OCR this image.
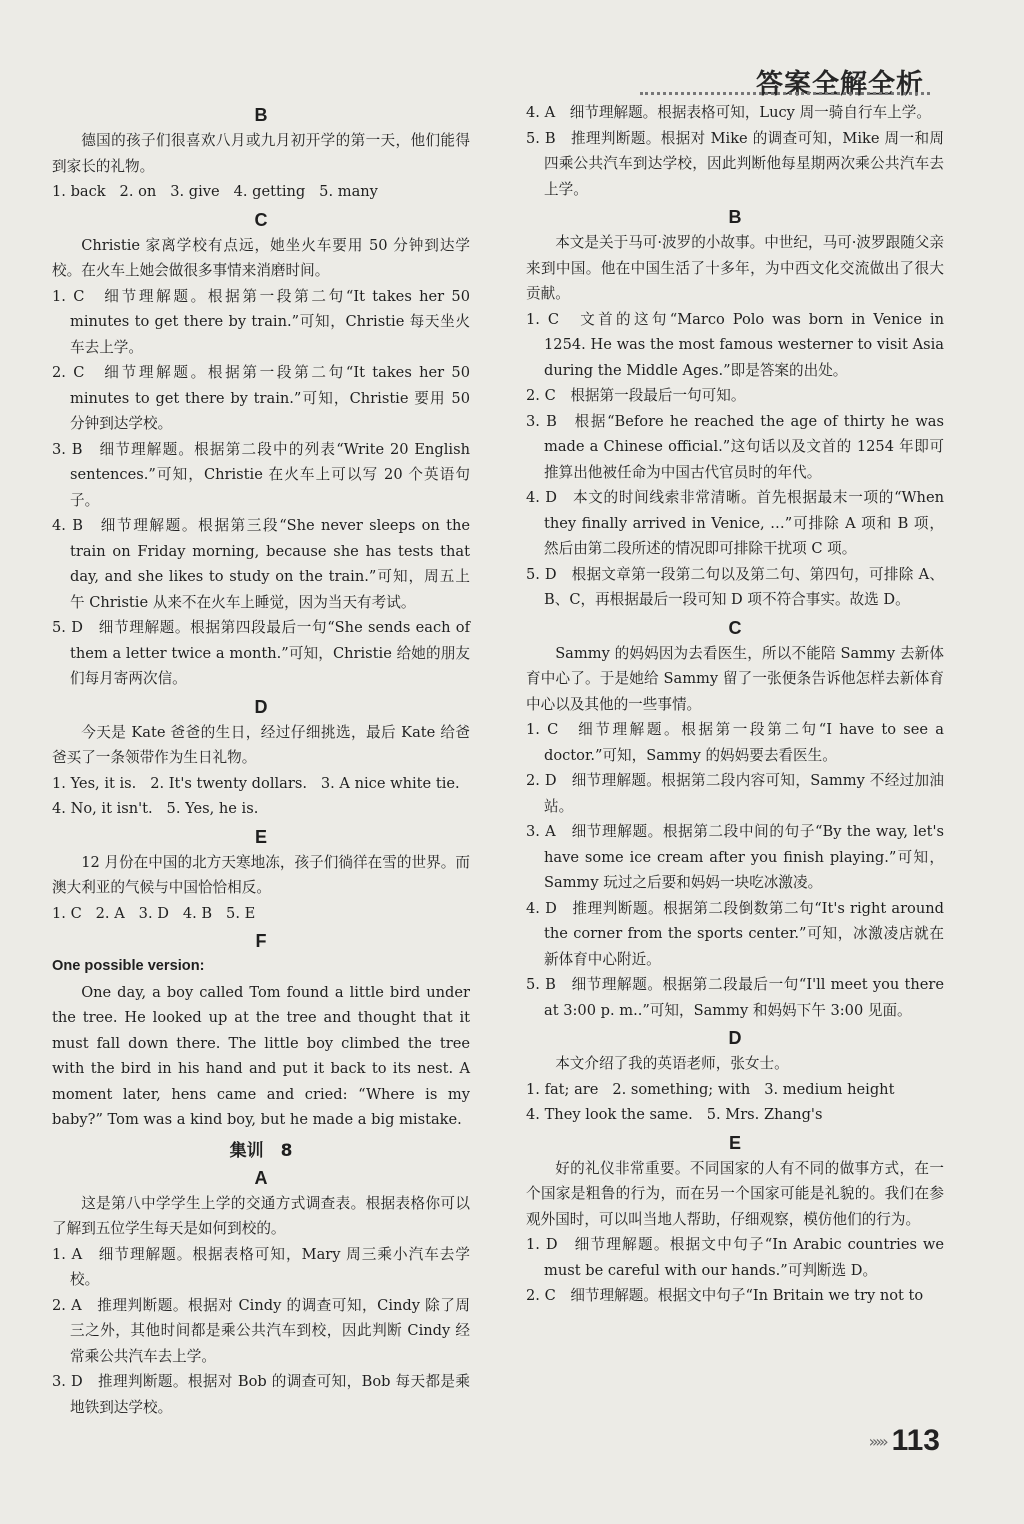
答案全解全析
B
德国的孩子们很喜欢八月或九月初开学的第一天，他们能得到家长的礼物。
1. back   2. on   3. give   4. getting   5. many
C
Christie 家离学校有点远，她坐火车要用 50 分钟到达学校。在火车上她会做很多事情来消磨时间。
1. C　细节理解题。根据第一段第二句“It takes her 50 minutes to get there by train.”可知，Christie 每天坐火车去上学。
2. C　细节理解题。根据第一段第二句“It takes her 50 minutes to get there by train.”可知，Christie 要用 50 分钟到达学校。
3. B　细节理解题。根据第二段中的列表“Write 20 English sentences.”可知，Christie 在火车上可以写 20 个英语句子。
4. B　细节理解题。根据第三段“She never sleeps on the train on Friday morning, because she has tests that day, and she likes to study on the train.”可知，周五上午 Christie 从来不在火车上睡觉，因为当天有考试。
5. D　细节理解题。根据第四段最后一句“She sends each of them a letter twice a month.”可知，Christie 给她的朋友们每月寄两次信。
D
今天是 Kate 爸爸的生日，经过仔细挑选，最后 Kate 给爸爸买了一条领带作为生日礼物。
1. Yes, it is.   2. It's twenty dollars.   3. A nice white tie.
4. No, it isn't.   5. Yes, he is.
E
12 月份在中国的北方天寒地冻，孩子们徜徉在雪的世界。而澳大利亚的气候与中国恰恰相反。
1. C   2. A   3. D   4. B   5. E
F
One possible version:
One day, a boy called Tom found a little bird under the tree. He looked up at the tree and thought that it must fall down there. The little boy climbed the tree with the bird in his hand and put it back to its nest. A moment later, hens came and cried: “Where is my baby?” Tom was a kind boy, but he made a big mistake.
集训　8
A
这是第八中学学生上学的交通方式调查表。根据表格你可以了解到五位学生每天是如何到校的。
1. A　细节理解题。根据表格可知，Mary 周三乘小汽车去学校。
2. A　推理判断题。根据对 Cindy 的调查可知，Cindy 除了周三之外，其他时间都是乘公共汽车到校，因此判断 Cindy 经常乘公共汽车去上学。
3. D　推理判断题。根据对 Bob 的调查可知，Bob 每天都是乘地铁到达学校。
4. A　细节理解题。根据表格可知，Lucy 周一骑自行车上学。
5. B　推理判断题。根据对 Mike 的调查可知，Mike 周一和周四乘公共汽车到达学校，因此判断他每星期两次乘公共汽车去上学。
B
本文是关于马可·波罗的小故事。中世纪，马可·波罗跟随父亲来到中国。他在中国生活了十多年，为中西文化交流做出了很大贡献。
1. C　文首的这句“Marco Polo was born in Venice in 1254. He was the most famous westerner to visit Asia during the Middle Ages.”即是答案的出处。
2. C　根据第一段最后一句可知。
3. B　根据“Before he reached the age of thirty he was made a Chinese official.”这句话以及文首的 1254 年即可推算出他被任命为中国古代官员时的年代。
4. D　本文的时间线索非常清晰。首先根据最末一项的“When they finally arrived in Venice, …”可排除 A 项和 B 项，然后由第二段所述的情况即可排除干扰项 C 项。
5. D　根据文章第一段第二句以及第二句、第四句，可排除 A、B、C，再根据最后一段可知 D 项不符合事实。故选 D。
C
Sammy 的妈妈因为去看医生，所以不能陪 Sammy 去新体育中心了。于是她给 Sammy 留了一张便条告诉他怎样去新体育中心以及其他的一些事情。
1. C　细节理解题。根据第一段第二句“I have to see a doctor.”可知，Sammy 的妈妈要去看医生。
2. D　细节理解题。根据第二段内容可知，Sammy 不经过加油站。
3. A　细节理解题。根据第二段中间的句子“By the way, let's have some ice cream after you finish playing.”可知，Sammy 玩过之后要和妈妈一块吃冰激凌。
4. D　推理判断题。根据第二段倒数第二句“It's right around the corner from the sports center.”可知，冰激凌店就在新体育中心附近。
5. B　细节理解题。根据第二段最后一句“I'll meet you there at 3:00 p. m..”可知，Sammy 和妈妈下午 3:00 见面。
D
本文介绍了我的英语老师，张女士。
1. fat; are   2. something; with   3. medium height
4. They look the same.   5. Mrs. Zhang's
E
好的礼仪非常重要。不同国家的人有不同的做事方式，在一个国家是粗鲁的行为，而在另一个国家可能是礼貌的。我们在参观外国时，可以叫当地人帮助，仔细观察，模仿他们的行为。
1. D　细节理解题。根据文中句子“In Arabic countries we must be careful with our hands.”可判断选 D。
2. C　细节理解题。根据文中句子“In Britain we try not to
››››› 113
